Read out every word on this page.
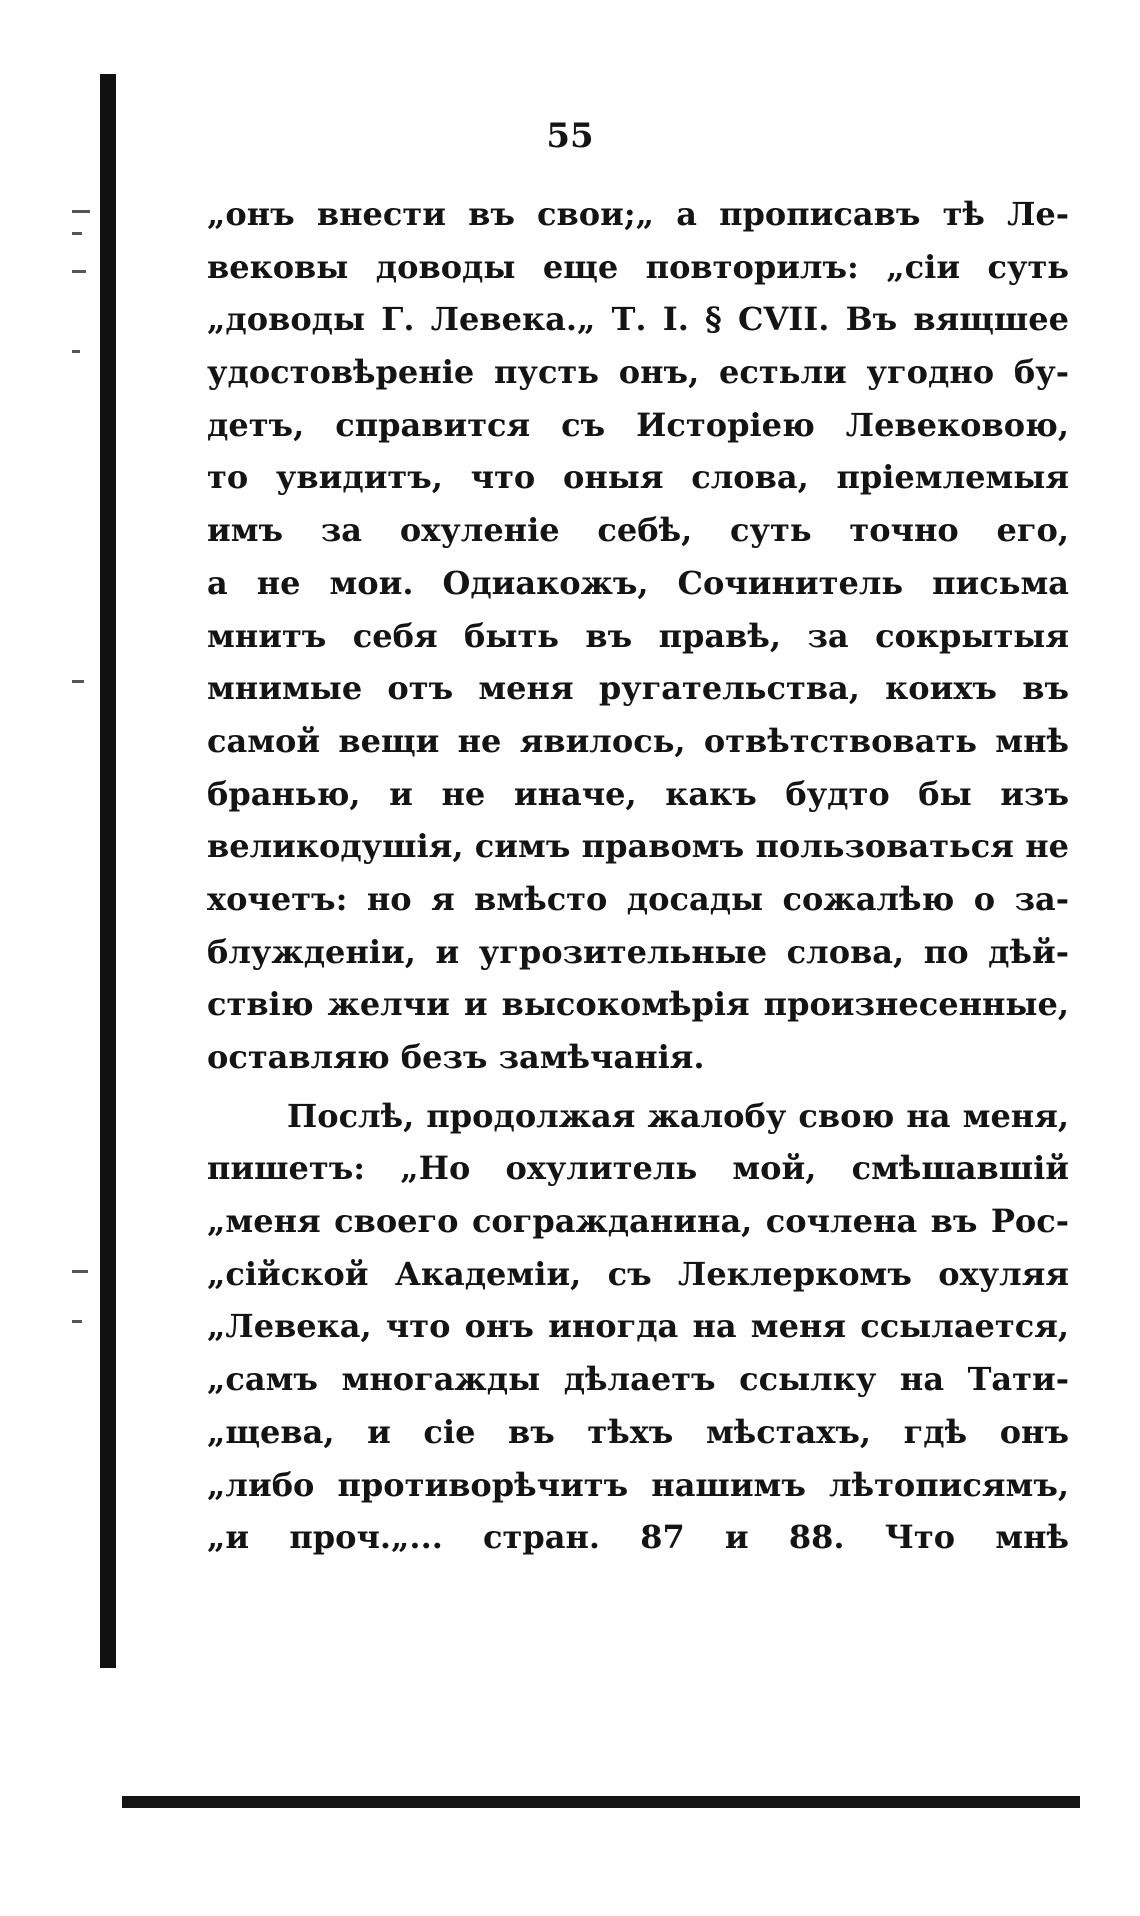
55
„онъ внести въ свои;„ а прописавъ тѣ Ле-
вековы доводы еще повторилъ: „сіи суть
„доводы Г. Левека.„ Т. I. § CVII. Въ вящшее
удостовѣреніе пусть онъ, естьли угодно бу-
детъ, справится съ Исторіею Левековою,
то увидитъ, что оныя слова, пріемлемыя
имъ за охуленіе себѣ, суть точно его,
а не мои. Одиакожъ, Сочинитель письма
мнитъ себя быть въ правѣ, за сокрытыя
мнимые отъ меня ругательства, коихъ въ
самой вещи не явилось, отвѣтствовать мнѣ
бранью, и не иначе, какъ будто бы изъ
великодушія, симъ правомъ пользоваться не
хочетъ: но я вмѣсто досады сожалѣю о за-
блужденіи, и угрозительные слова, по дѣй-
ствію желчи и высокомѣрія произнесенные,
оставляю безъ замѣчанія.
Послѣ, продолжая жалобу свою на меня,
пишетъ: „Но охулитель мой, смѣшавшій
„меня своего согражданина, сочлена въ Рос-
„сійской Академіи, съ Леклеркомъ охуляя
„Левека, что онъ иногда на меня ссылается,
„самъ многажды дѣлаетъ ссылку на Тати-
„щева, и сіе въ тѣхъ мѣстахъ, гдѣ онъ
„либо противорѣчитъ нашимъ лѣтописямъ,
„и проч.„... стран. 87 и 88. Что мнѣ
